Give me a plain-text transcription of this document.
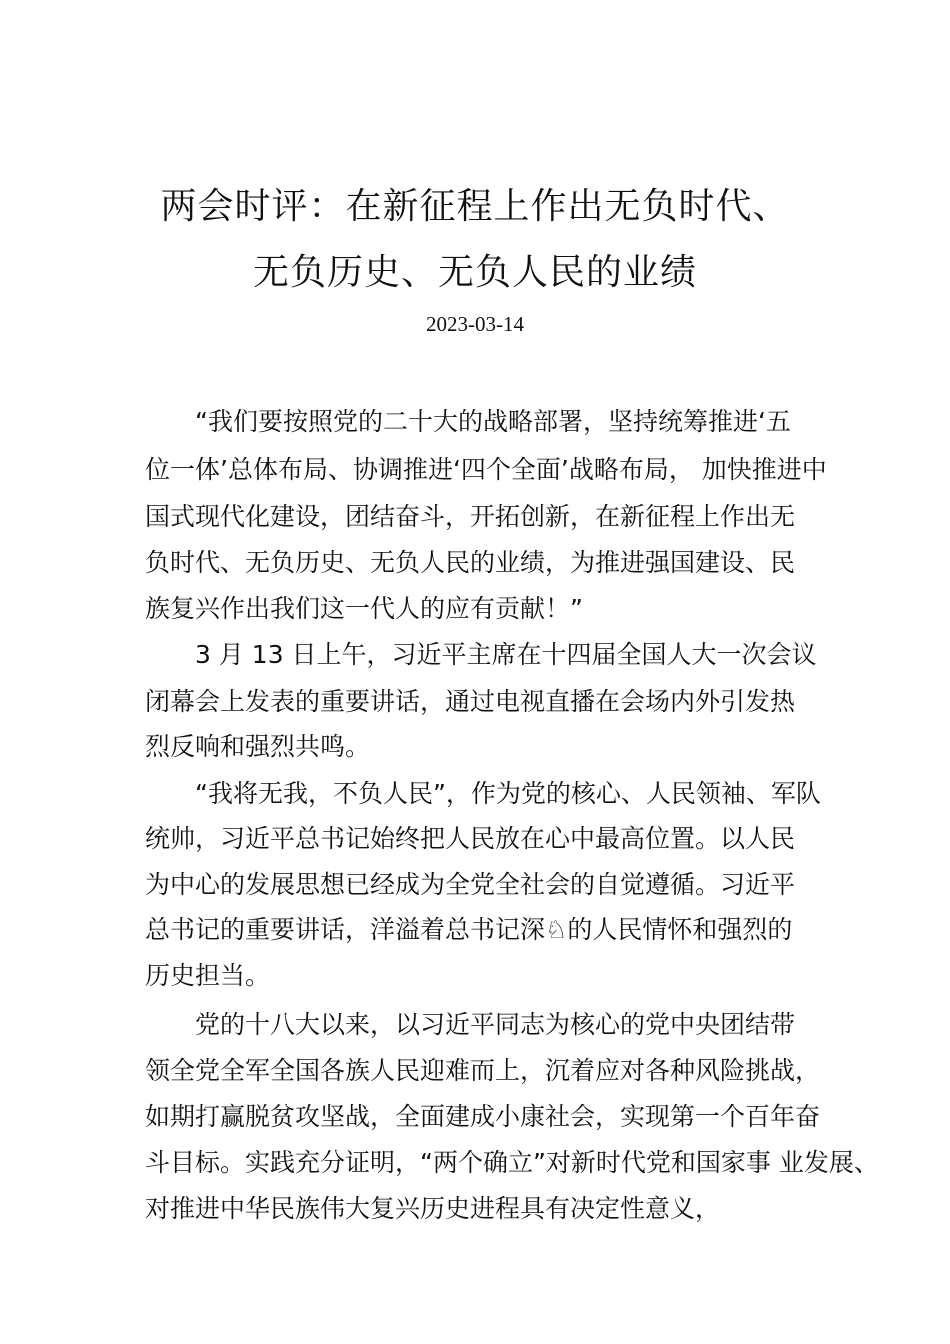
两会时评：在新征程上作出无负时代、
无负历史、无负人民的业绩
2023-03-14
“我们要按照党的二十大的战略部署，坚持统筹推进‘五
位一体’总体布局、协调推进‘四个全面’战略布局， 加快推进中
国式现代化建设，团结奋斗，开拓创新，在新征程上作出无
负时代、无负历史、无负人民的业绩，为推进强国建设、民
族复兴作出我们这一代人的应有贡献！”
3 月 13 日上午，习近平主席在十四届全国人大一次会议
闭幕会上发表的重要讲话，通过电视直播在会场内外引发热
烈反响和强烈共鸣。
“我将无我，不负人民”，作为党的核心、人民领袖、军队
统帅，习近平总书记始终把人民放在心中最高位置。以人民
为中心的发展思想已经成为全党全社会的自觉遵循。习近平
总书记的重要讲话，洋溢着总书记深♘的人民情怀和强烈的
历史担当。
党的十八大以来，以习近平同志为核心的党中央团结带
领全党全军全国各族人民迎难而上，沉着应对各种风险挑战，
如期打赢脱贫攻坚战，全面建成小康社会，实现第一个百年奋
斗目标。实践充分证明，“两个确立”对新时代党和国家事 业发展、
对推进中华民族伟大复兴历史进程具有决定性意义，
